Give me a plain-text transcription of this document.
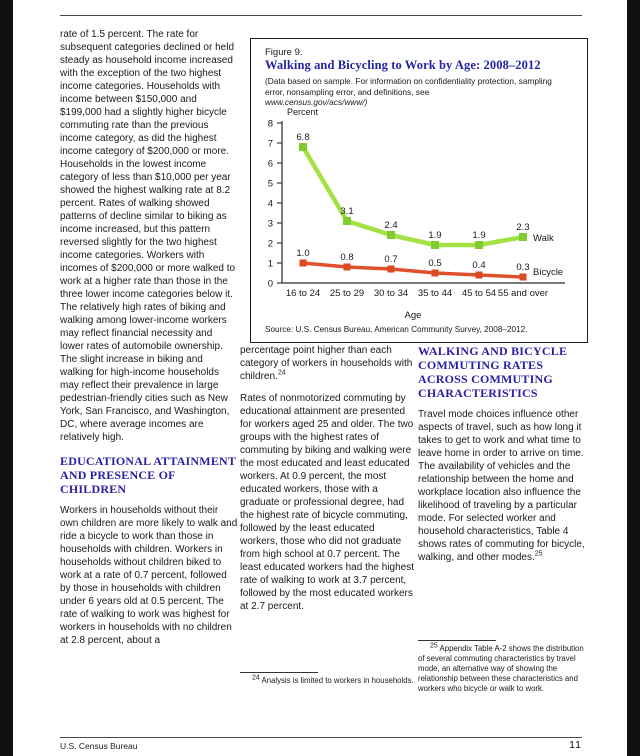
rate of 1.5 percent. The rate for subsequent categories declined or held steady as household income increased with the exception of the two highest income categories. Households with income between $150,000 and $199,000 had a slightly higher bicycle commuting rate than the previous income category, as did the highest income category of $200,000 or more. Households in the lowest income category of less than $10,000 per year showed the highest walking rate at 8.2 percent. Rates of walking showed patterns of decline similar to biking as income increased, but this pattern reversed slightly for the two highest income categories. Workers with incomes of $200,000 or more walked to work at a higher rate than those in the three lower income categories below it. The relatively high rates of biking and walking among lower-income workers may reflect financial necessity and lower rates of automobile ownership. The slight increase in biking and walking for high-income households may reflect their prevalence in large pedestrian-friendly cities such as New York, San Francisco, and Washington, DC, where average incomes are relatively high.

EDUCATIONAL ATTAINMENT AND PRESENCE OF CHILDREN

Workers in households without their own children are more likely to walk and ride a bicycle to work than those in households with children. Workers in households without children biked to work at a rate of 0.7 percent, followed by those in households with children under 6 years old at 0.5 percent. The rate of walking to work was highest for workers in households with no children at 2.8 percent, about a

Figure 9.
Walking and Bicycling to Work by Age: 2008–2012
(Data based on sample. For information on confidentiality protection, sampling error, nonsampling error, and definitions, see
www.census.gov/acs/www/)
Percent
0
1
2
3
4
5
6
7
8
16 to 24 25 to 29 30 to 34 35 to 44 45 to 54 55 and over
Age
6.8
3.1
2.4
1.9	1.9
2.3
Walk
1.0	0.8	0.7	0.5	0.4	0.3 Bicycle
Source: U.S. Census Bureau, American Community Survey, 2008–2012.

percentage point higher than each category of workers in households with children.$^{24}$

Rates of nonmotorized commuting by educational attainment are presented for workers aged 25 and older. The two groups with the highest rates of commuting by biking and walking were the most educated and least educated workers. At 0.9 percent, the most educated workers, those with a graduate or professional degree, had the highest rate of bicycle commuting, followed by the least educated workers, those who did not graduate from high school at 0.7 percent. The least educated workers had the highest rate of walking to work at 3.7 percent, followed by the most educated workers at 2.7 percent.

WALKING AND BICYCLE COMMUTING RATES ACROSS COMMUTING CHARACTERISTICS

Travel mode choices influence other aspects of travel, such as how long it takes to get to work and what time to leave home in order to arrive on time. The availability of vehicles and the relationship between the home and workplace location also influence the likelihood of traveling by a particular mode. For selected worker and household characteristics, Table 4 shows rates of commuting for bicycle, walking, and other modes.$^{25}$

$^{24}$ Analysis is limited to workers in households.

$^{25}$ Appendix Table A-2 shows the distribution of several commuting characteristics by travel mode, an alternative way of showing the relationship between these characteristics and workers who bicycle or walk to work.

U.S. Census Bureau	11
